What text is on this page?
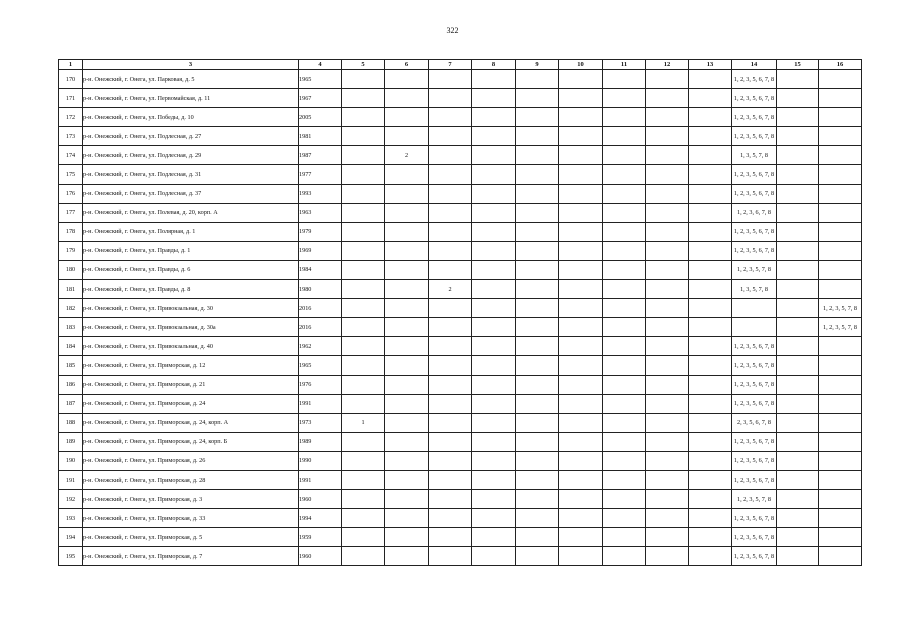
322
1	3	4	5	6	7	8	9	10	11	12	13	14	15	16
170	р-н. Онежский, г. Онега, ул. Парковая, д. 5	1965										1, 2, 3, 5, 6, 7, 8		
171	р-н. Онежский, г. Онега, ул. Первомайская, д. 11	1967										1, 2, 3, 5, 6, 7, 8		
172	р-н. Онежский, г. Онега, ул. Победы, д. 10	2005										1, 2, 3, 5, 6, 7, 8		
173	р-н. Онежский, г. Онега, ул. Подлесная, д. 27	1981										1, 2, 3, 5, 6, 7, 8		
174	р-н. Онежский, г. Онега, ул. Подлесная, д. 29	1987		2								1, 3, 5, 7, 8		
175	р-н. Онежский, г. Онега, ул. Подлесная, д. 31	1977										1, 2, 3, 5, 6, 7, 8		
176	р-н. Онежский, г. Онега, ул. Подлесная, д. 37	1993										1, 2, 3, 5, 6, 7, 8		
177	р-н. Онежский, г. Онега, ул. Полевая, д. 20, корп. А	1963										1, 2, 3, 6, 7, 8		
178	р-н. Онежский, г. Онега, ул. Полярная, д. 1	1979										1, 2, 3, 5, 6, 7, 8		
179	р-н. Онежский, г. Онега, ул. Правды, д. 1	1969										1, 2, 3, 5, 6, 7, 8		
180	р-н. Онежский, г. Онега, ул. Правды, д. 6	1984										1, 2, 3, 5, 7, 8		
181	р-н. Онежский, г. Онега, ул. Правды, д. 8	1980			2							1, 3, 5, 7, 8		
182	р-н. Онежский, г. Онега, ул. Привокзальная, д. 30	2016												1, 2, 3, 5, 7, 8
183	р-н. Онежский, г. Онега, ул. Привокзальная, д. 30а	2016												1, 2, 3, 5, 7, 8
184	р-н. Онежский, г. Онега, ул. Привокзальная, д. 40	1962										1, 2, 3, 5, 6, 7, 8		
185	р-н. Онежский, г. Онега, ул. Приморская, д. 12	1965										1, 2, 3, 5, 6, 7, 8		
186	р-н. Онежский, г. Онега, ул. Приморская, д. 21	1976										1, 2, 3, 5, 6, 7, 8		
187	р-н. Онежский, г. Онега, ул. Приморская, д. 24	1991										1, 2, 3, 5, 6, 7, 8		
188	р-н. Онежский, г. Онега, ул. Приморская, д. 24, корп. А	1973	1									2, 3, 5, 6, 7, 8		
189	р-н. Онежский, г. Онега, ул. Приморская, д. 24, корп. Б	1989										1, 2, 3, 5, 6, 7, 8		
190	р-н. Онежский, г. Онега, ул. Приморская, д. 26	1990										1, 2, 3, 5, 6, 7, 8		
191	р-н. Онежский, г. Онега, ул. Приморская, д. 28	1991										1, 2, 3, 5, 6, 7, 8		
192	р-н. Онежский, г. Онега, ул. Приморская, д. 3	1960										1, 2, 3, 5, 7, 8		
193	р-н. Онежский, г. Онега, ул. Приморская, д. 33	1994										1, 2, 3, 5, 6, 7, 8		
194	р-н. Онежский, г. Онега, ул. Приморская, д. 5	1959										1, 2, 3, 5, 6, 7, 8		
195	р-н. Онежский, г. Онега, ул. Приморская, д. 7	1960										1, 2, 3, 5, 6, 7, 8		
